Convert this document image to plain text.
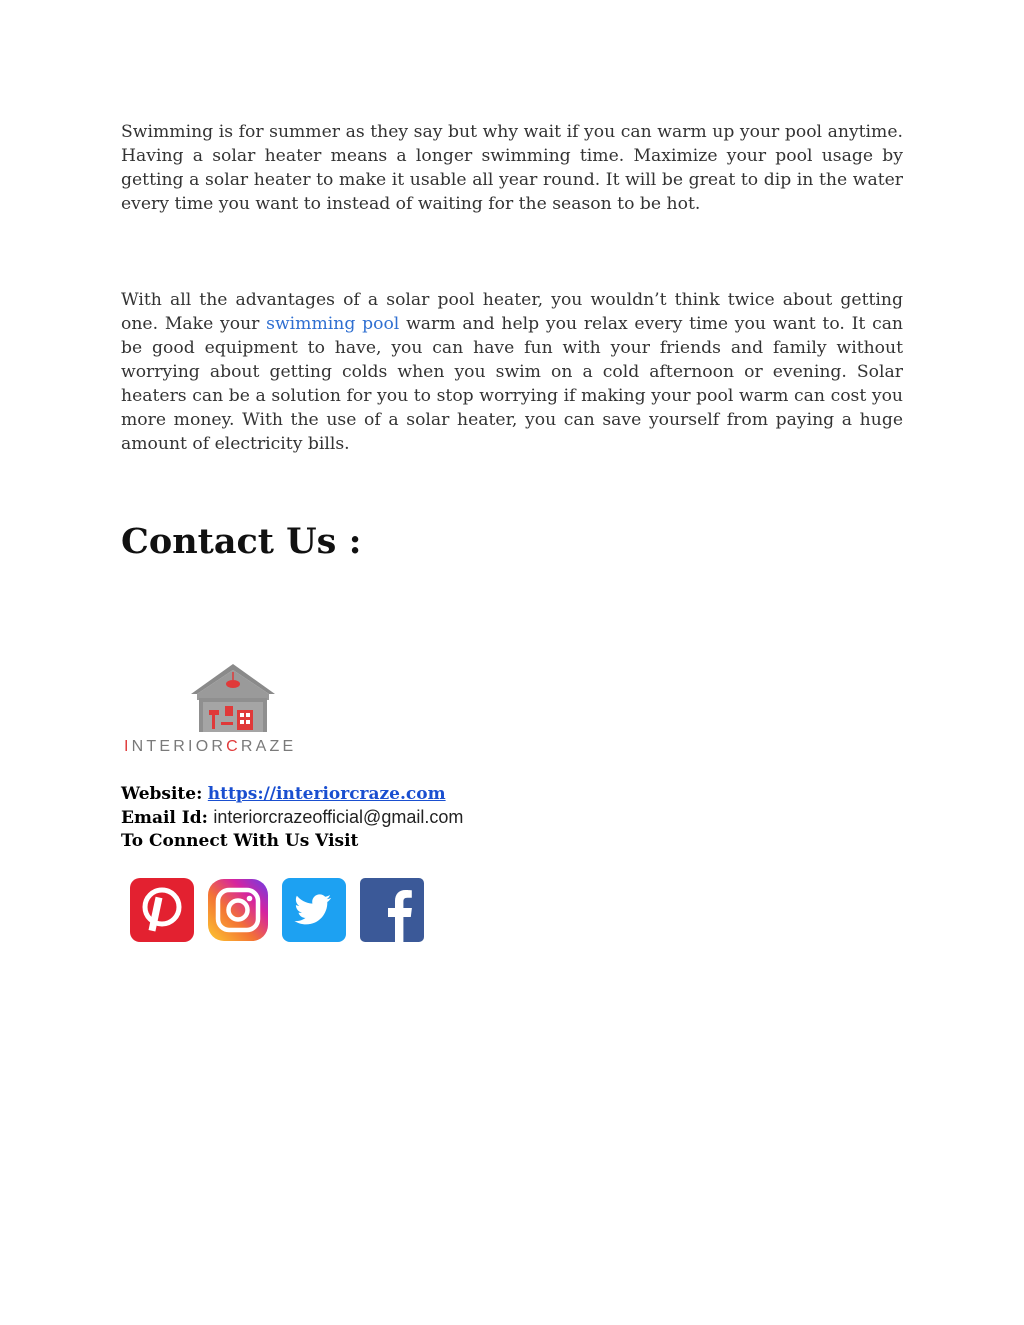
Swimming is for summer as they say but why wait if you can warm up your pool anytime. Having a solar heater means a longer swimming time. Maximize your pool usage by getting a solar heater to make it usable all year round. It will be great to dip in the water every time you want to instead of waiting for the season to be hot.

With all the advantages of a solar pool heater, you wouldn’t think twice about getting one. Make your swimming pool warm and help you relax every time you want to. It can be good equipment to have, you can have fun with your friends and family without worrying about getting colds when you swim on a cold afternoon or evening. Solar heaters can be a solution for you to stop worrying if making your pool warm can cost you more money. With the use of a solar heater, you can save yourself from paying a huge amount of electricity bills.

Contact Us :
INTERIORCRAZE
Website: https://interiorcraze.com
Email Id: interiorcrazeofficial@gmail.com
To Connect With Us Visit
